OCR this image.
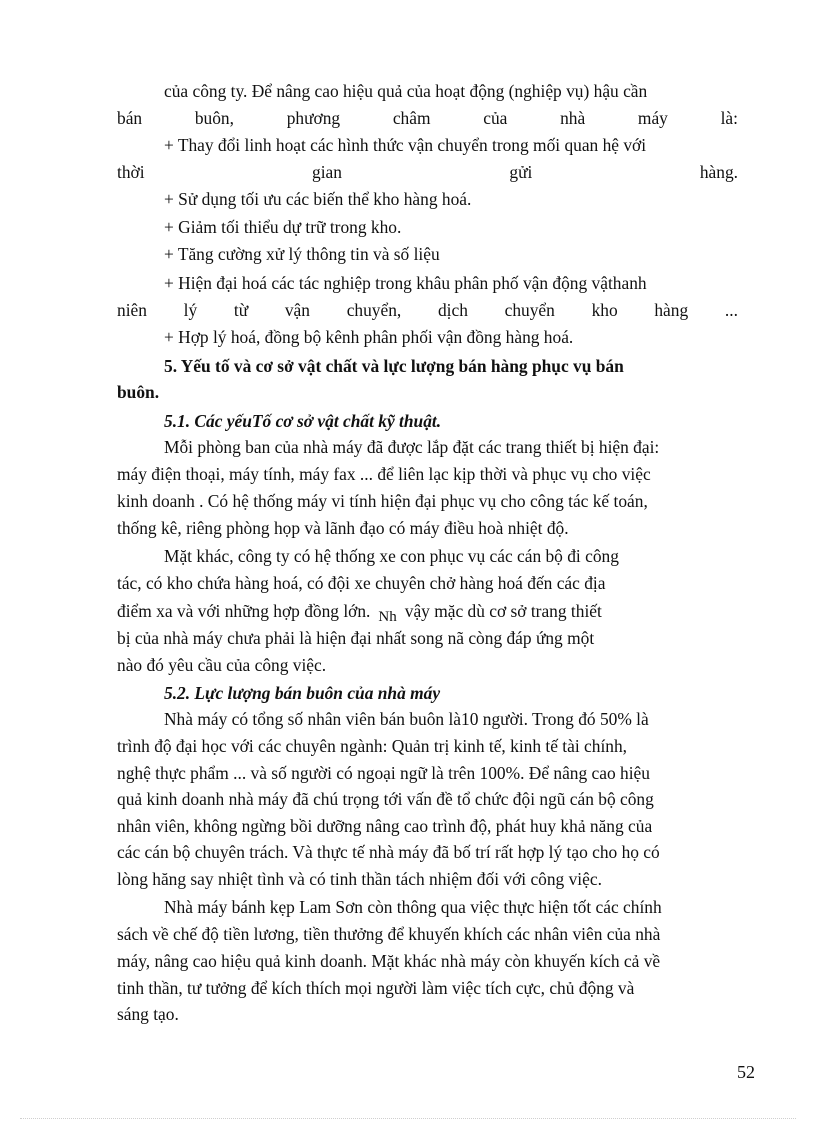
của công ty. Để nâng cao hiệu quả của hoạt động (nghiệp vụ) hậu cần
bán	buôn,	phương	châm	của	nhà	máy	là:
+ Thay đổi linh hoạt các hình thức vận chuyển trong mối quan hệ với
thời	gian	gửi	hàng.
+ Sử dụng tối ưu các biến thể kho hàng hoá.
+ Giảm tối thiểu dự trữ trong kho.
+ Tăng cường xử lý thông tin và số liệu
+ Hiện đại hoá các tác nghiệp trong khâu phân phố vận động vậthanh
niên lý từ vận chuyển, dịch chuyển kho hàng ...
+ Hợp lý hoá, đồng bộ kênh phân phối vận đồng hàng hoá.
5. Yếu tố và cơ sở vật chất và lực lượng bán hàng phục vụ bán
buôn.
5.1. Các yếuTố cơ sở vật chất kỹ thuật.
Mỗi phòng ban của nhà máy đã được lắp đặt các trang thiết bị hiện đại:
máy điện thoại, máy tính, máy fax ... để liên lạc kịp thời và phục vụ cho việc
kinh doanh . Có hệ thống máy vi tính hiện đại phục vụ cho công tác kế toán,
thống kê, riêng phòng họp và lãnh đạo có máy điều hoà nhiệt độ.
Mặt khác, công ty có hệ thống xe con phục vụ các cán bộ đi công
tác, có kho chứa hàng hoá, có đội xe chuyên chở hàng hoá đến các địa
điểm xa và với những hợp đồng lớn. Nh vậy mặc dù cơ sở trang thiết
bị của nhà máy chưa phải là hiện đại nhất song nã còng đáp ứng một
nào đó yêu cầu của công việc.
5.2. Lực lượng bán buôn của nhà máy
Nhà máy có tổng số nhân viên bán buôn là10 người. Trong đó 50% là
trình độ đại học với các chuyên ngành: Quản trị kinh tế, kinh tế tài chính,
nghệ thực phẩm ... và số người có ngoại ngữ là trên 100%. Để nâng cao hiệu
quả kinh doanh nhà máy đã chú trọng tới vấn đề tổ chức đội ngũ cán bộ công
nhân viên, không ngừng bồi dưỡng nâng cao trình độ, phát huy khả năng của
các cán bộ chuyên trách. Và thực tế nhà máy đã bố trí rất hợp lý tạo cho họ có
lòng hăng say nhiệt tình và có tinh thần tách nhiệm đối với công việc.
Nhà máy bánh kẹp Lam Sơn còn thông qua việc thực hiện tốt các chính
sách về chế độ tiền lương, tiền thưởng để khuyến khích các nhân viên của nhà
máy, nâng cao hiệu quả kinh doanh. Mặt khác nhà máy còn khuyến kích cả về
tinh thần, tư tưởng để kích thích mọi người làm việc tích cực, chủ động và
sáng tạo.
52
